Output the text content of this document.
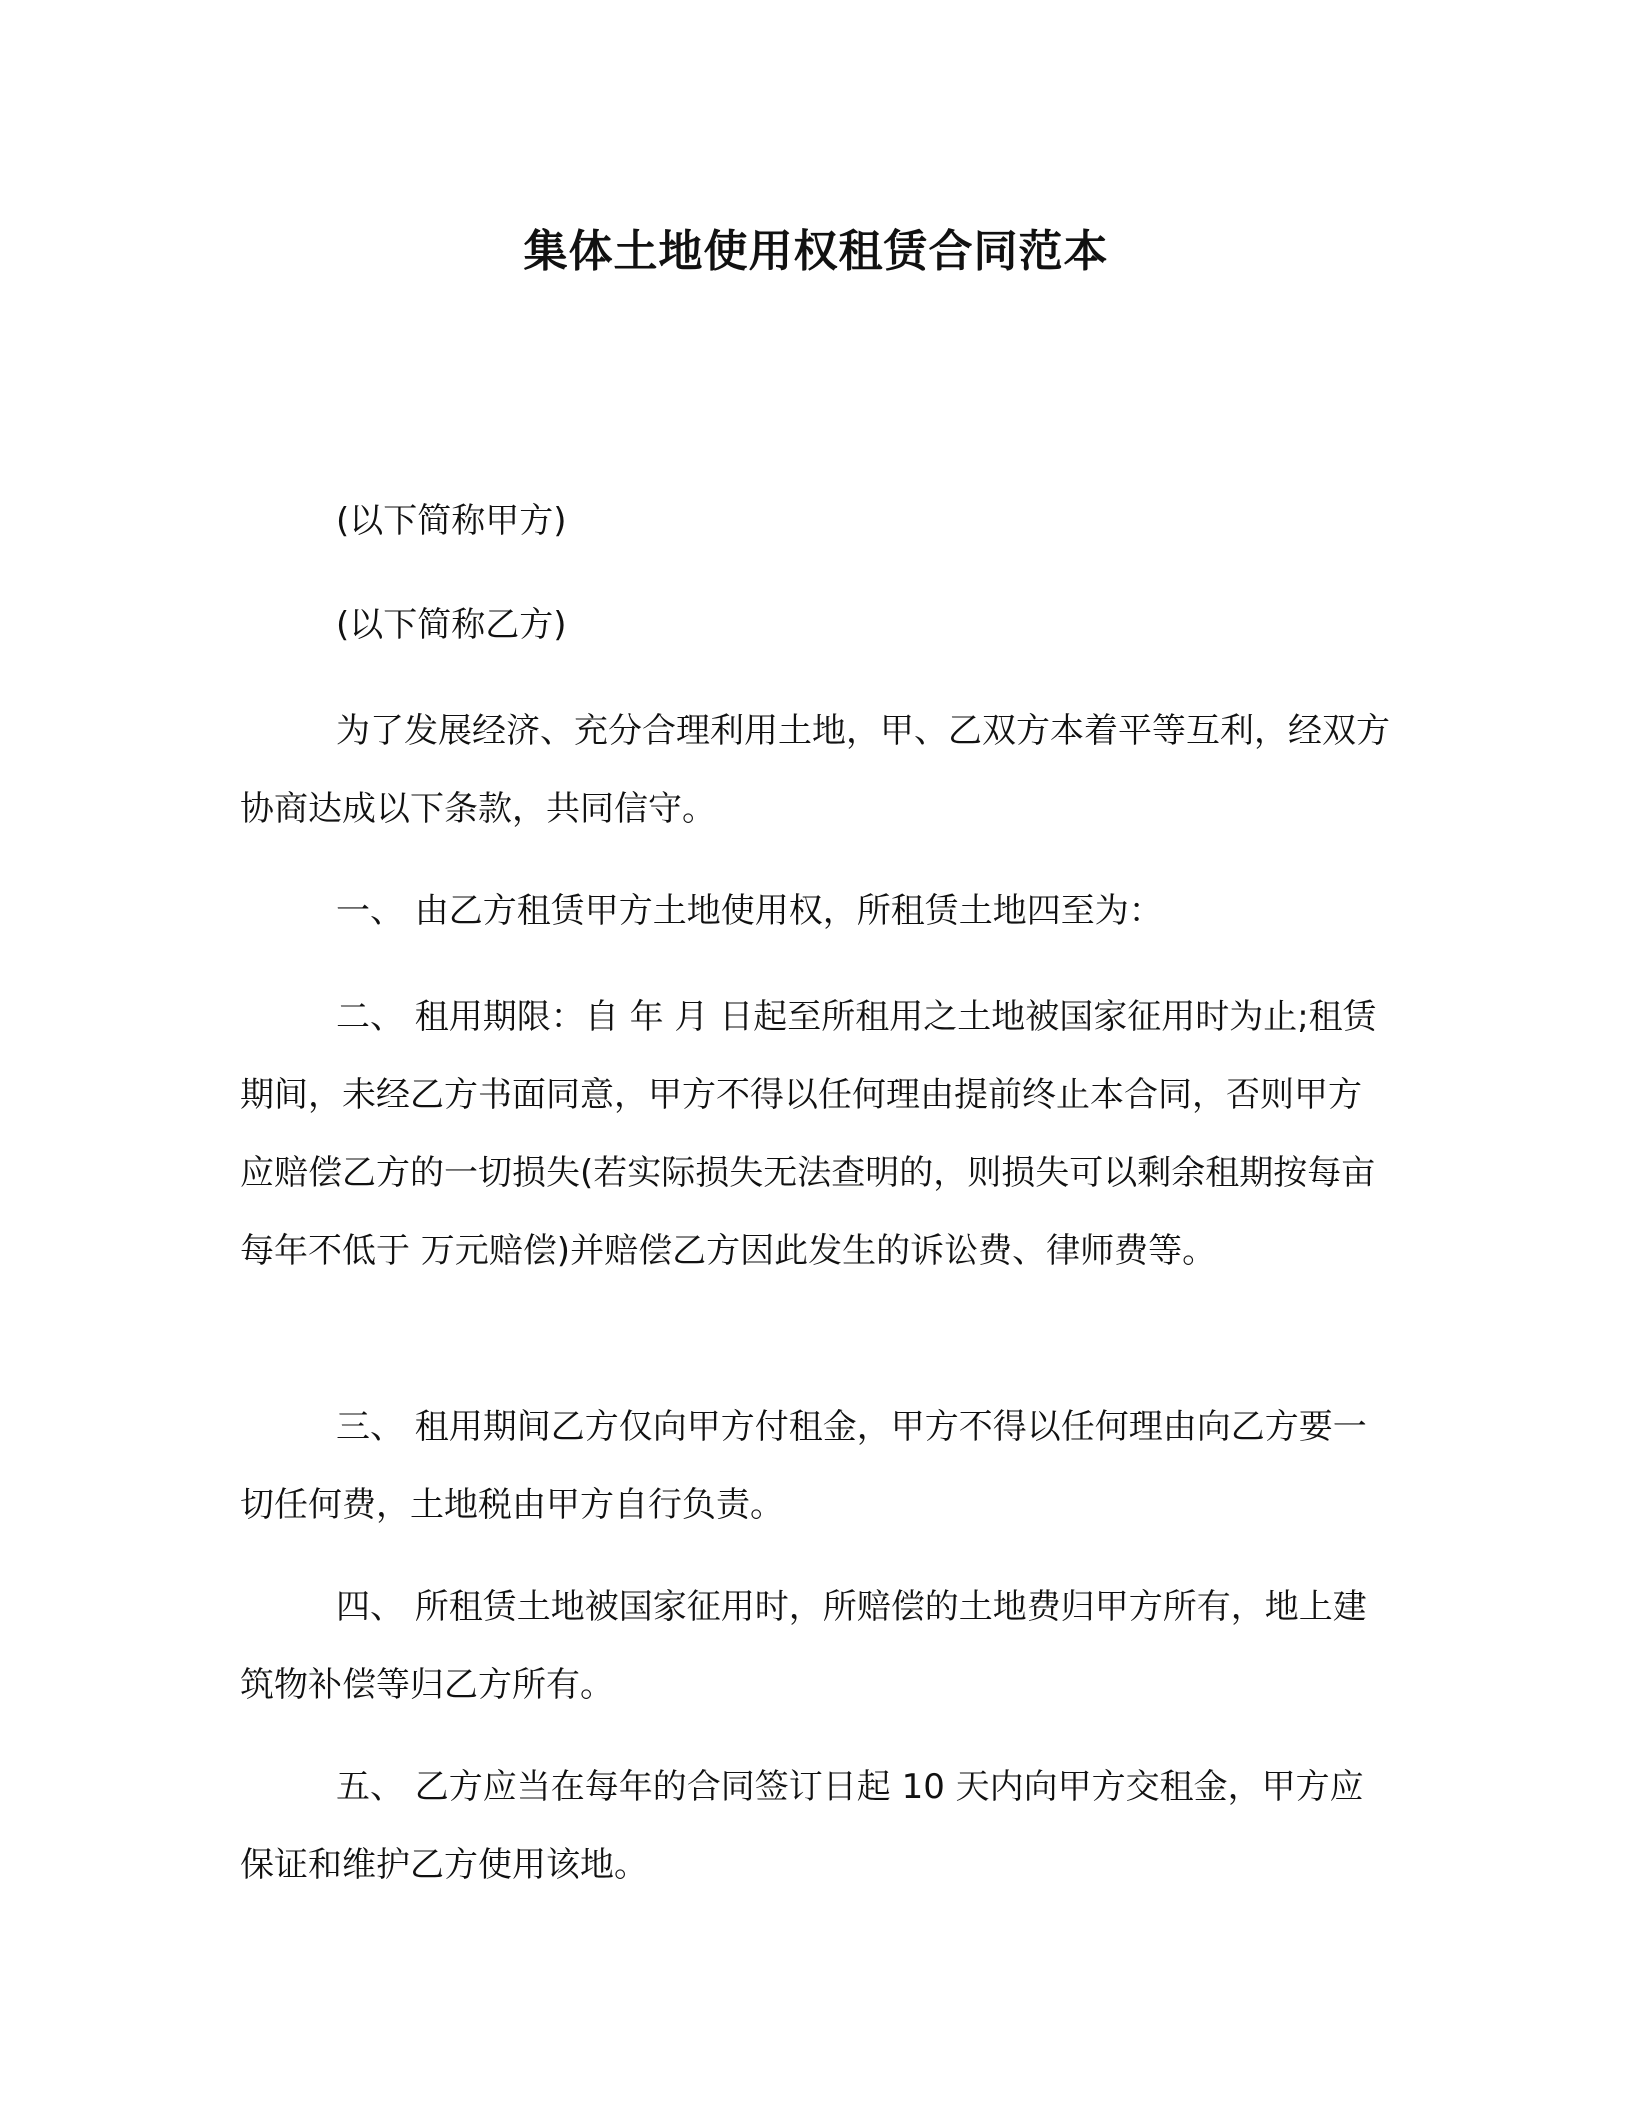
集体土地使用权租赁合同范本

(以下简称甲方)

(以下简称乙方)

为了发展经济、充分合理利用土地，甲、乙双方本着平等互利，经双方协商达成以下条款，共同信守。

一、 由乙方租赁甲方土地使用权，所租赁土地四至为：

二、 租用期限：自 年 月 日起至所租用之土地被国家征用时为止;租赁期间，未经乙方书面同意，甲方不得以任何理由提前终止本合同，否则甲方应赔偿乙方的一切损失(若实际损失无法查明的，则损失可以剩余租期按每亩每年不低于 万元赔偿)并赔偿乙方因此发生的诉讼费、律师费等。

三、 租用期间乙方仅向甲方付租金，甲方不得以任何理由向乙方要一切任何费，土地税由甲方自行负责。

四、 所租赁土地被国家征用时，所赔偿的土地费归甲方所有，地上建筑物补偿等归乙方所有。

五、 乙方应当在每年的合同签订日起 10 天内向甲方交租金，甲方应保证和维护乙方使用该地。
